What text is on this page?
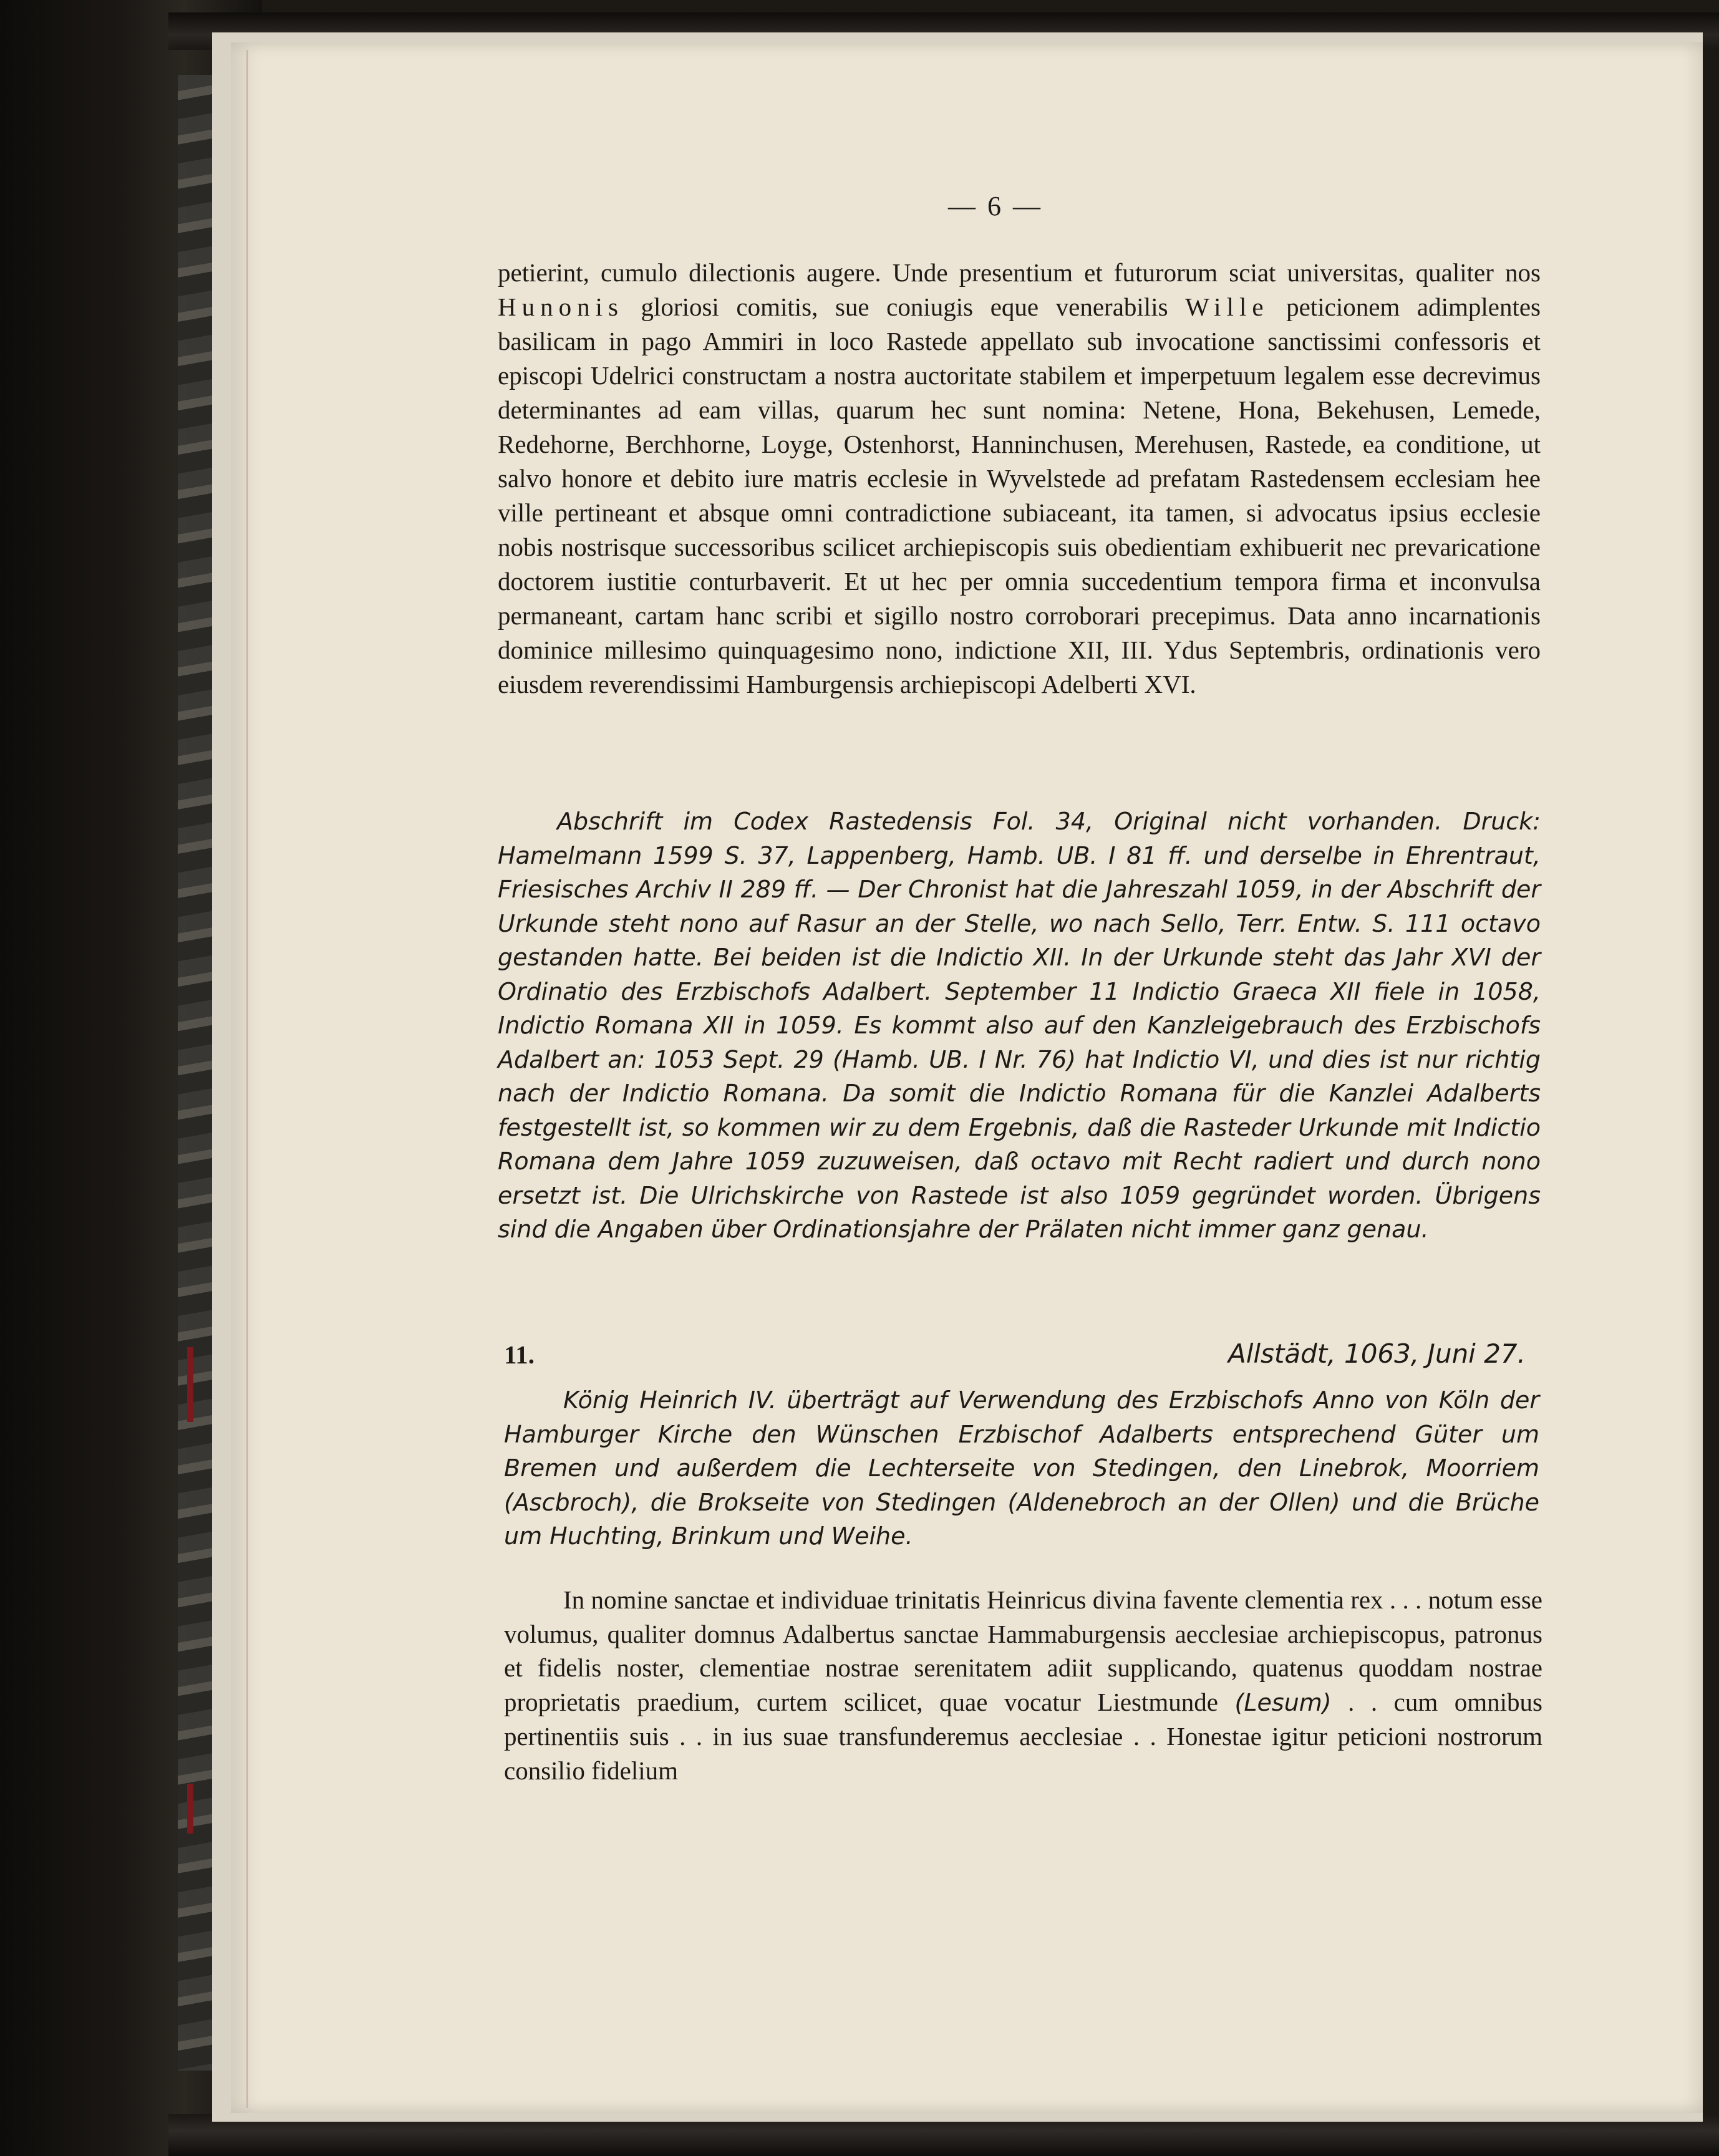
— 6 —

petierint, cumulo dilectionis augere. Unde presentium et futurorum sciat universitas, qualiter nos Hunonis gloriosi comitis, sue coniugis eque venerabilis Wille peticionem adimplentes basilicam in pago Ammiri in loco Rastede appellato sub invocatione sanctissimi confessoris et episcopi Udelrici constructam a nostra auctoritate stabilem et imperpetuum legalem esse decrevimus determinantes ad eam villas, quarum hec sunt nomina: Netene, Hona, Bekehusen, Lemede, Redehorne, Berchhorne, Loyge, Ostenhorst, Hanninchusen, Merehusen, Rastede, ea conditione, ut salvo honore et debito iure matris ecclesie in Wyvelstede ad prefatam Rastedensem ecclesiam hee ville pertineant et absque omni contradictione subiaceant, ita tamen, si advocatus ipsius ecclesie nobis nostrisque successoribus scilicet archiepiscopis suis obedientiam exhibuerit nec prevaricatione doctorem iustitie conturbaverit. Et ut hec per omnia succedentium tempora firma et inconvulsa permaneant, cartam hanc scribi et sigillo nostro corroborari precepimus. Data anno incarnationis dominice millesimo quinquagesimo nono, indictione XII, III. Ydus Septembris, ordinationis vero eiusdem reverendissimi Hamburgensis archiepiscopi Adelberti XVI.

Abschrift im Codex Rastedensis Fol. 34, Original nicht vorhanden. Druck: Hamelmann 1599 S. 37, Lappenberg, Hamb. UB. I 81 ff. und derselbe in Ehrentraut, Friesisches Archiv II 289 ff. — Der Chronist hat die Jahreszahl 1059, in der Abschrift der Urkunde steht nono auf Rasur an der Stelle, wo nach Sello, Terr. Entw. S. 111 octavo gestanden hatte. Bei beiden ist die Indictio XII. In der Urkunde steht das Jahr XVI der Ordinatio des Erzbischofs Adalbert. September 11 Indictio Graeca XII fiele in 1058, Indictio Romana XII in 1059. Es kommt also auf den Kanzleigebrauch des Erzbischofs Adalbert an: 1053 Sept. 29 (Hamb. UB. I Nr. 76) hat Indictio VI, und dies ist nur richtig nach der Indictio Romana. Da somit die Indictio Romana für die Kanzlei Adalberts festgestellt ist, so kommen wir zu dem Ergebnis, daß die Rasteder Urkunde mit Indictio Romana dem Jahre 1059 zuzuweisen, daß octavo mit Recht radiert und durch nono ersetzt ist. Die Ulrichskirche von Rastede ist also 1059 gegründet worden. Übrigens sind die Angaben über Ordinationsjahre der Prälaten nicht immer ganz genau.
11.	Allstädt, 1063, Juni 27.
König Heinrich IV. überträgt auf Verwendung des Erzbischofs Anno von Köln der Hamburger Kirche den Wünschen Erzbischof Adalberts entsprechend Güter um Bremen und außerdem die Lechterseite von Stedingen, den Linebrok, Moorriem (Ascbroch), die Brokseite von Stedingen (Aldenebroch an der Ollen) und die Brüche um Huchting, Brinkum und Weihe.
In nomine sanctae et individuae trinitatis Heinricus divina favente clementia rex . . . notum esse volumus, qualiter domnus Adalbertus sanctae Hammaburgensis aecclesiae archiepiscopus, patronus et fidelis noster, clementiae nostrae serenitatem adiit supplicando, quatenus quoddam nostrae proprietatis praedium, curtem scilicet, quae vocatur Liestmunde (Lesum) . . cum omnibus pertinentiis suis . . in ius suae transfunderemus aecclesiae . . Honestae igitur peticioni nostrorum consilio fidelium
